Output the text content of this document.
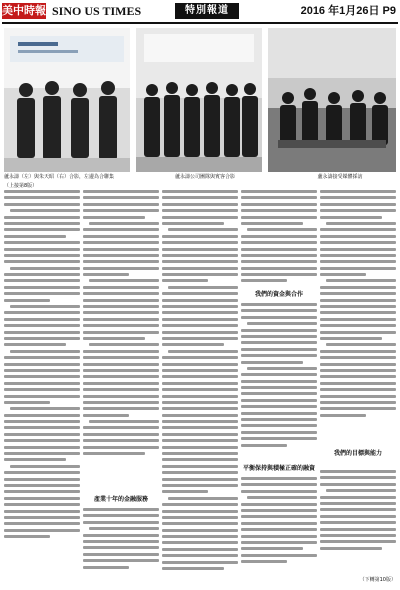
美中時報 SINO US TIMES	特別報道	2016 年1月26日 P9
蘆永濤（左）與朱天昭（右）合影，左邊為合聯集	蘆永濤公司團隊與賓客合影	蘆永濤接受媒體採訪
（上接第8版）
產業十年的金融服務
我們的資金與合作
平衡保持與積極正確的融資
我們的目標與能力
（下轉第10版）
